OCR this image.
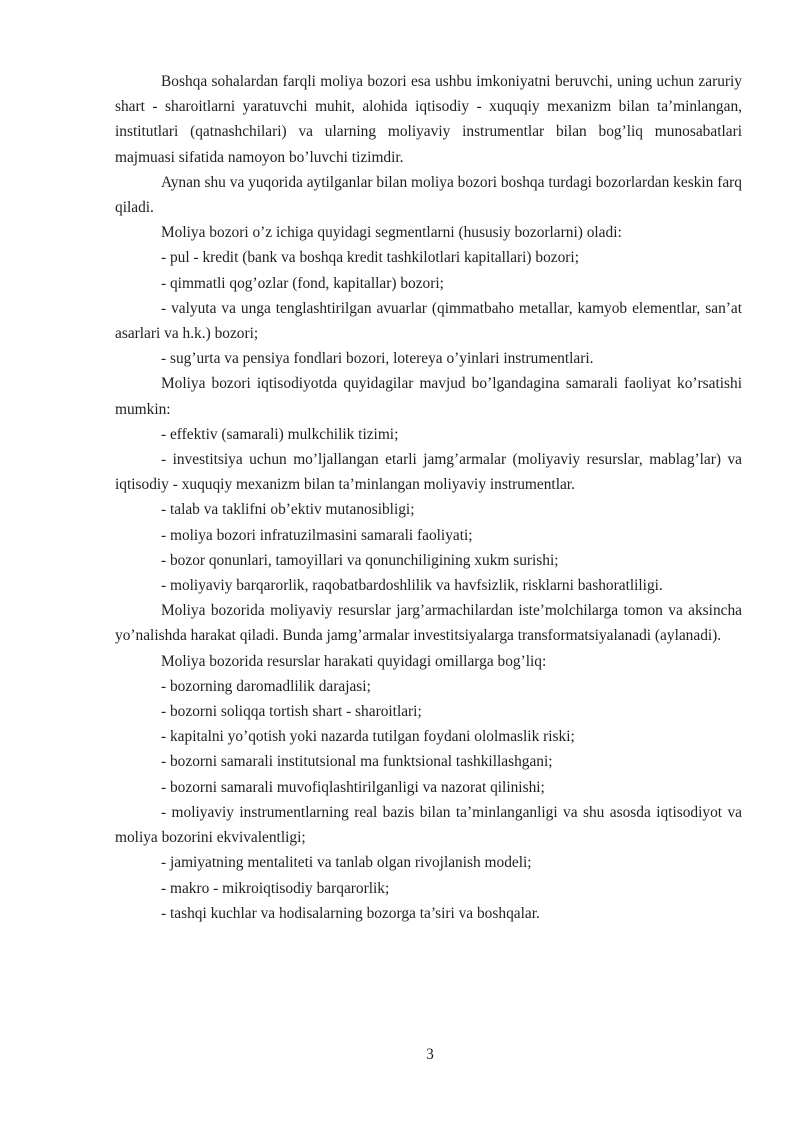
Boshqa sohalardan farqli moliya bozori esa ushbu imkoniyatni beruvchi, uning uchun zaruriy shart - sharoitlarni yaratuvchi muhit, alohida iqtisodiy - xuquqiy mexanizm bilan ta’minlangan, institutlari (qatnashchilari) va ularning moliyaviy instrumentlar bilan bog’liq munosabatlari majmuasi sifatida namoyon bo’luvchi tizimdir.

Aynan shu va yuqorida aytilganlar bilan moliya bozori boshqa turdagi bozorlardan keskin farq qiladi.

Moliya bozori o’z ichiga quyidagi segmentlarni (hususiy bozorlarni) oladi:

- pul - kredit (bank va boshqa kredit tashkilotlari kapitallari) bozori;

- qimmatli qog’ozlar (fond, kapitallar) bozori;

- valyuta va unga tenglashtirilgan avuarlar (qimmatbaho metallar, kamyob elementlar, san’at asarlari va h.k.) bozori;

- sug’urta va pensiya fondlari bozori, lotereya o’yinlari instrumentlari.

Moliya bozori iqtisodiyotda quyidagilar mavjud bo’lgandagina samarali faoliyat ko’rsatishi mumkin:

- effektiv (samarali) mulkchilik tizimi;

- investitsiya uchun mo’ljallangan etarli jamg’armalar (moliyaviy resurslar, mablag’lar) va iqtisodiy - xuquqiy mexanizm bilan ta’minlangan moliyaviy instrumentlar.

- talab va taklifni ob’ektiv mutanosibligi;

- moliya bozori infratuzilmasini samarali faoliyati;

- bozor qonunlari, tamoyillari va qonunchiligining xukm surishi;

- moliyaviy barqarorlik, raqobatbardoshlilik va havfsizlik, risklarni bashoratliligi.

Moliya bozorida moliyaviy resurslar jarg’armachilardan iste’molchilarga tomon va aksincha yo’nalishda harakat qiladi. Bunda jamg’armalar investitsiyalarga transformatsiyalanadi (aylanadi).

Moliya bozorida resurslar harakati quyidagi omillarga bog’liq:

- bozorning daromadlilik darajasi;

- bozorni soliqqa tortish shart - sharoitlari;

- kapitalni yo’qotish yoki nazarda tutilgan foydani ololmaslik riski;

- bozorni samarali institutsional ma funktsional tashkillashgani;

- bozorni samarali muvofiqlashtirilganligi va nazorat qilinishi;

- moliyaviy instrumentlarning real bazis bilan ta’minlanganligi va shu asosda iqtisodiyot va moliya bozorini ekvivalentligi;

- jamiyatning mentaliteti va tanlab olgan rivojlanish modeli;

- makro - mikroiqtisodiy barqarorlik;

- tashqi kuchlar va hodisalarning bozorga ta’siri va boshqalar.

3
